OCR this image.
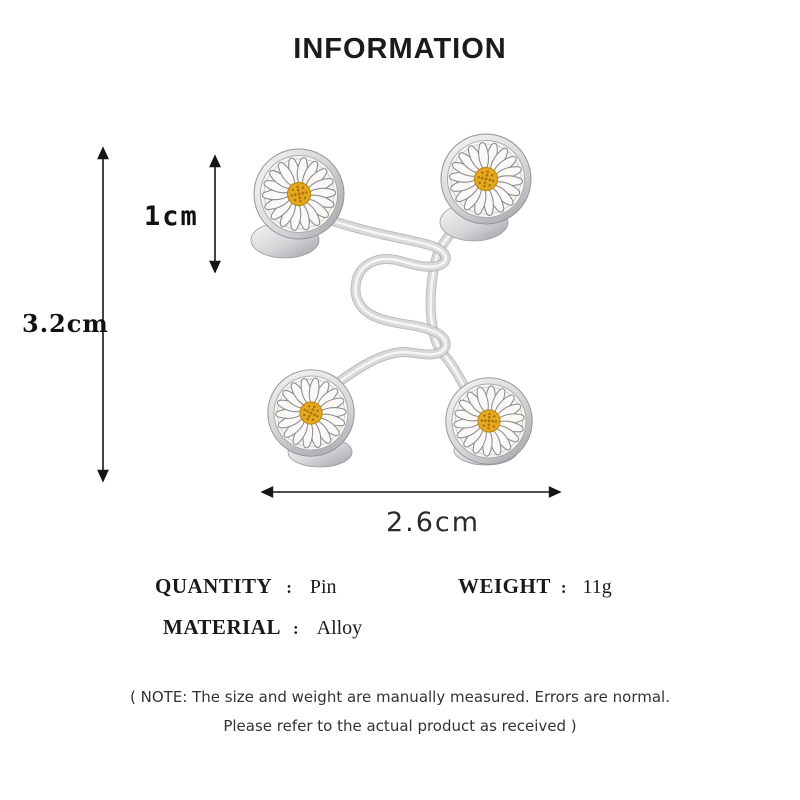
INFORMATION
3.2cm
1cm
2.6cm
QUANTITY : Pin	WEIGHT : 11g
MATERIAL : Alloy
( NOTE: The size and weight are manually measured. Errors are normal.
Please refer to the actual product as received )
